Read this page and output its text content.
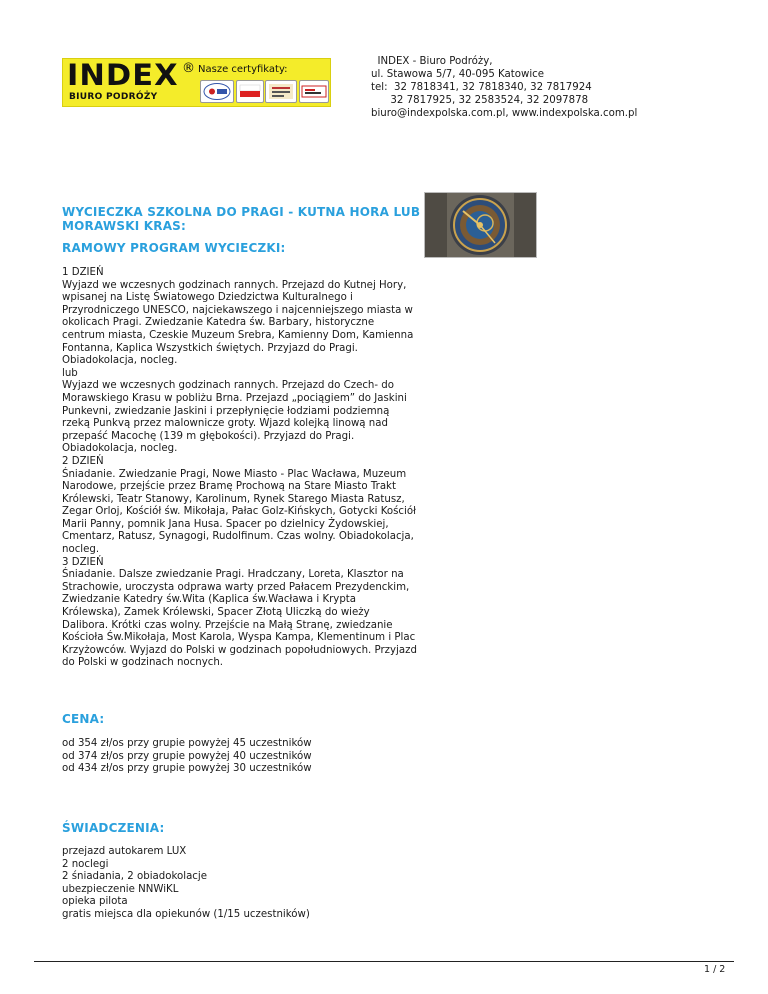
INDEX ®
BIURO PODRÓŻY
Nasze certyfikaty:
INDEX - Biuro Podróży,
ul. Stawowa 5/7, 40-095 Katowice
tel:  32 7818341, 32 7818340, 32 7817924
32 7817925, 32 2583524, 32 2097878
biuro@indexpolska.com.pl, www.indexpolska.com.pl
WYCIECZKA SZKOLNA DO PRAGI - KUTNA HORA LUB MORAWSKI KRAS:
RAMOWY PROGRAM WYCIECZKI:
1 DZIEŃ
Wyjazd we wczesnych godzinach rannych. Przejazd do Kutnej Hory, wpisanej na Listę Światowego Dziedzictwa Kulturalnego i Przyrodniczego UNESCO, najciekawszego i najcenniejszego miasta w okolicach Pragi. Zwiedzanie Katedra św. Barbary, historyczne centrum miasta, Czeskie Muzeum Srebra, Kamienny Dom, Kamienna Fontanna, Kaplica Wszystkich świętych. Przyjazd do Pragi. Obiadokolacja, nocleg.
lub
Wyjazd we wczesnych godzinach rannych. Przejazd do Czech- do Morawskiego Krasu w pobliżu Brna. Przejazd „pociągiem” do Jaskini Punkevni, zwiedzanie Jaskini i przepłynięcie łodziami podziemną rzeką Punkvą przez malownicze groty. Wjazd kolejką linową nad przepaść Macochę (139 m głębokości). Przyjazd do Pragi. Obiadokolacja, nocleg.
2 DZIEŃ
Śniadanie. Zwiedzanie Pragi, Nowe Miasto - Plac Wacława, Muzeum Narodowe, przejście przez Bramę Prochową na Stare Miasto Trakt Królewski, Teatr Stanowy, Karolinum, Rynek Starego Miasta Ratusz, Zegar Orloj, Kościół św. Mikołaja, Pałac Golz-Kińskych, Gotycki Kościół Marii Panny, pomnik Jana Husa. Spacer po dzielnicy Żydowskiej, Cmentarz, Ratusz, Synagogi, Rudolfinum. Czas wolny. Obiadokolacja, nocleg.
3 DZIEŃ
Śniadanie. Dalsze zwiedzanie Pragi. Hradczany, Loreta, Klasztor na Strachowie, uroczysta odprawa warty przed Pałacem Prezydenckim, Zwiedzanie Katedry św.Wita (Kaplica św.Wacława i Krypta Królewska), Zamek Królewski, Spacer Złotą Uliczką do wieży Dalibora. Krótki czas wolny. Przejście na Małą Stranę, zwiedzanie Kościoła Św.Mikołaja, Most Karola, Wyspa Kampa, Klementinum i Plac Krzyżowców. Wyjazd do Polski w godzinach popołudniowych. Przyjazd do Polski w godzinach nocnych.
CENA:
od 354 zł/os przy grupie powyżej 45 uczestników
od 374 zł/os przy grupie powyżej 40 uczestników
od 434 zł/os przy grupie powyżej 30 uczestników
ŚWIADCZENIA:
przejazd autokarem LUX
2 noclegi
2 śniadania, 2 obiadokolacje
ubezpieczenie NNWiKL
opieka pilota
gratis miejsca dla opiekunów (1/15 uczestników)
1 / 2
